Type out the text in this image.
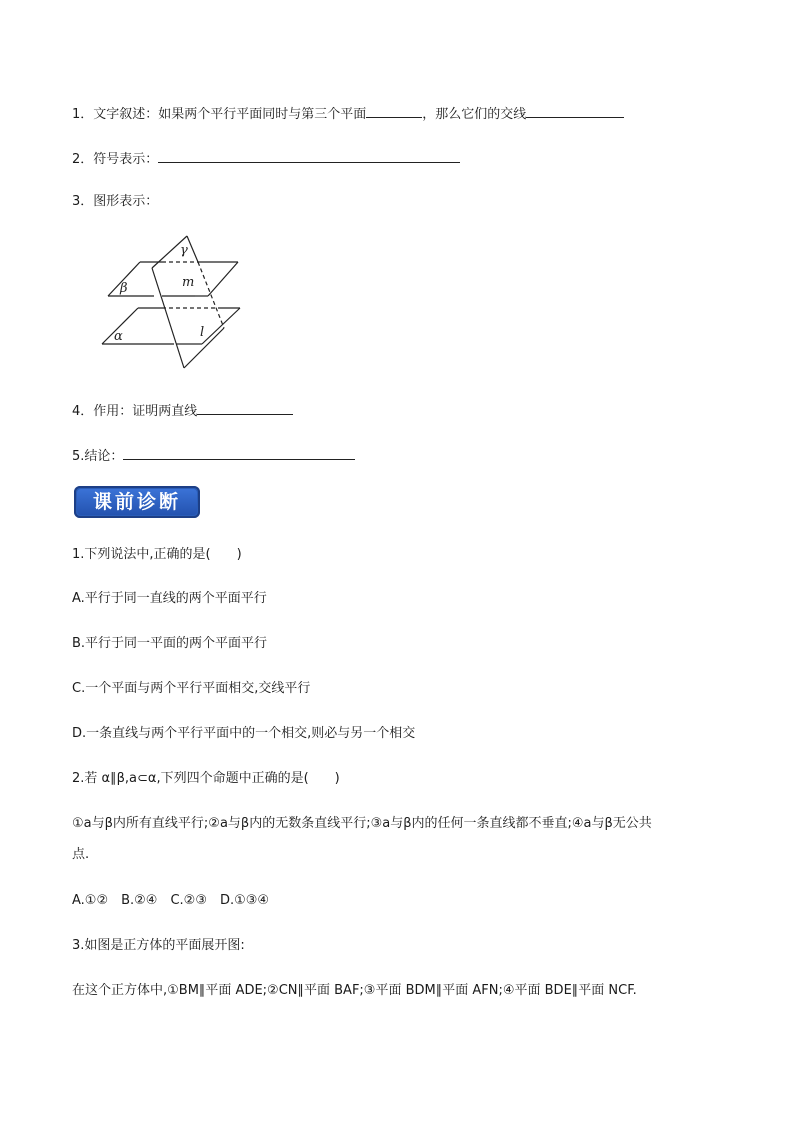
1．文字叙述：如果两个平行平面同时与第三个平面	，那么它们的交线
2．符号表示：
3．图形表示：
γ
β	m
α	l
4．作用：证明两直线
5.结论：
课前诊断
1.下列说法中,正确的是(　　)
A.平行于同一直线的两个平面平行
B.平行于同一平面的两个平面平行
C.一个平面与两个平行平面相交,交线平行
D.一条直线与两个平行平面中的一个相交,则必与另一个相交
2.若 α∥β,a⊂α,下列四个命题中正确的是(　　)
①a与β内所有直线平行;②a与β内的无数条直线平行;③a与β内的任何一条直线都不垂直;④a与β无公共
点.
A.①②　B.②④　C.②③　D.①③④
3.如图是正方体的平面展开图:
在这个正方体中,①BM∥平面 ADE;②CN∥平面 BAF;③平面 BDM∥平面 AFN;④平面 BDE∥平面 NCF.
